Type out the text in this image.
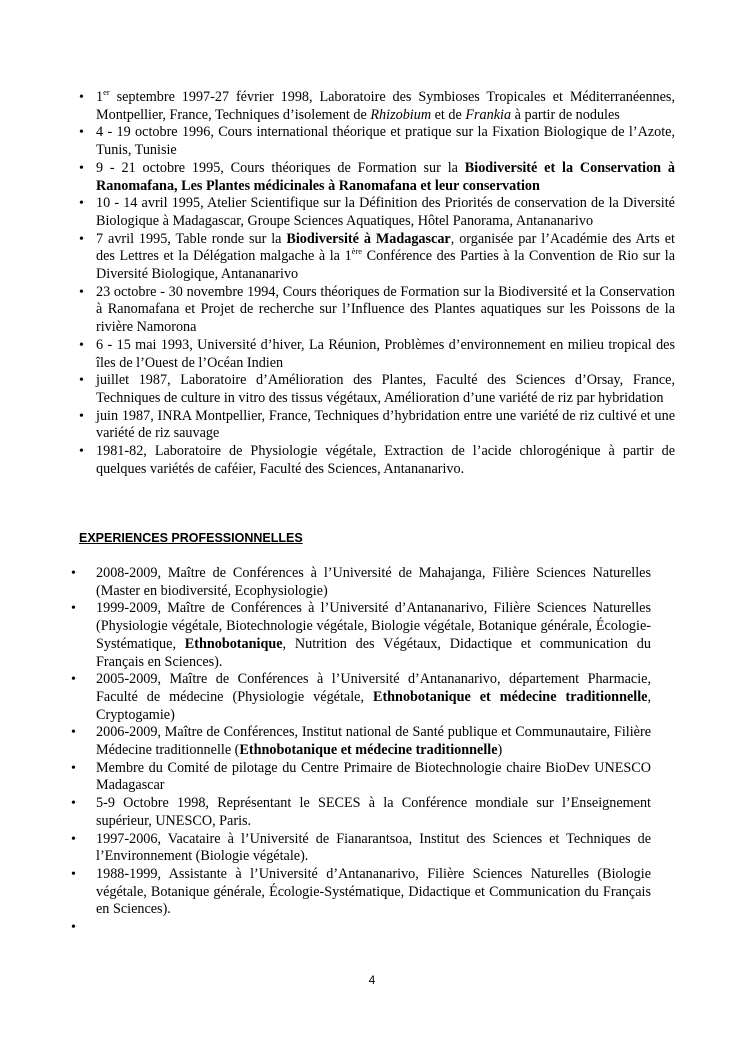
• 1er septembre 1997-27 février 1998, Laboratoire des Symbioses Tropicales et Méditerranéennes, Montpellier, France, Techniques d’isolement de Rhizobium et de Frankia à partir de nodules
• 4 - 19 octobre 1996, Cours international théorique et pratique sur la Fixation Biologique de l’Azote, Tunis, Tunisie
• 9 - 21 octobre 1995, Cours théoriques de Formation sur la Biodiversité et la Conservation à Ranomafana, Les Plantes médicinales à Ranomafana et leur conservation
• 10 - 14 avril 1995, Atelier Scientifique sur la Définition des Priorités de conservation de la Diversité Biologique à Madagascar, Groupe Sciences Aquatiques, Hôtel Panorama, Antananarivo
• 7 avril 1995, Table ronde sur la Biodiversité à Madagascar, organisée par l’Académie des Arts et des Lettres et la Délégation malgache à la 1ère Conférence des Parties à la Convention de Rio sur la Diversité Biologique, Antananarivo
• 23 octobre - 30 novembre 1994, Cours théoriques de Formation sur la Biodiversité et la Conservation à Ranomafana et Projet de recherche sur l’Influence des Plantes aquatiques sur les Poissons de la rivière Namorona
• 6 - 15 mai 1993, Université d’hiver, La Réunion, Problèmes d’environnement en milieu tropical des îles de l’Ouest de l’Océan Indien
• juillet 1987, Laboratoire d’Amélioration des Plantes, Faculté des Sciences d’Orsay, France, Techniques de culture in vitro des tissus végétaux, Amélioration d’une variété de riz par hybridation
• juin 1987, INRA Montpellier, France, Techniques d’hybridation entre une variété de riz cultivé et une variété de riz sauvage
• 1981-82, Laboratoire de Physiologie végétale, Extraction de l’acide chlorogénique à partir de quelques variétés de caféier, Faculté des Sciences, Antananarivo.

EXPERIENCES PROFESSIONNELLES

• 2008-2009, Maître de Conférences à l’Université de Mahajanga, Filière Sciences Naturelles (Master en biodiversité, Ecophysiologie)
• 1999-2009, Maître de Conférences à l’Université d’Antananarivo, Filière Sciences Naturelles (Physiologie végétale, Biotechnologie végétale, Biologie végétale, Botanique générale, Écologie-Systématique, Ethnobotanique, Nutrition des Végétaux, Didactique et communication du Français en Sciences).
• 2005-2009, Maître de Conférences à l’Université d’Antananarivo, département Pharmacie, Faculté de médecine (Physiologie végétale, Ethnobotanique et médecine traditionnelle, Cryptogamie)
• 2006-2009, Maître de Conférences, Institut national de Santé publique et Communautaire, Filière Médecine traditionnelle (Ethnobotanique et médecine traditionnelle)
• Membre du Comité de pilotage du Centre Primaire de Biotechnologie chaire BioDev UNESCO Madagascar
• 5-9 Octobre 1998, Représentant le SECES à la Conférence mondiale sur l’Enseignement supérieur, UNESCO, Paris.
• 1997-2006, Vacataire à l’Université de Fianarantsoa, Institut des Sciences et Techniques de l’Environnement (Biologie végétale).
• 1988-1999, Assistante à l’Université d’Antananarivo, Filière Sciences Naturelles (Biologie végétale, Botanique générale, Écologie-Systématique, Didactique et Communication du Français en Sciences).
•
4
